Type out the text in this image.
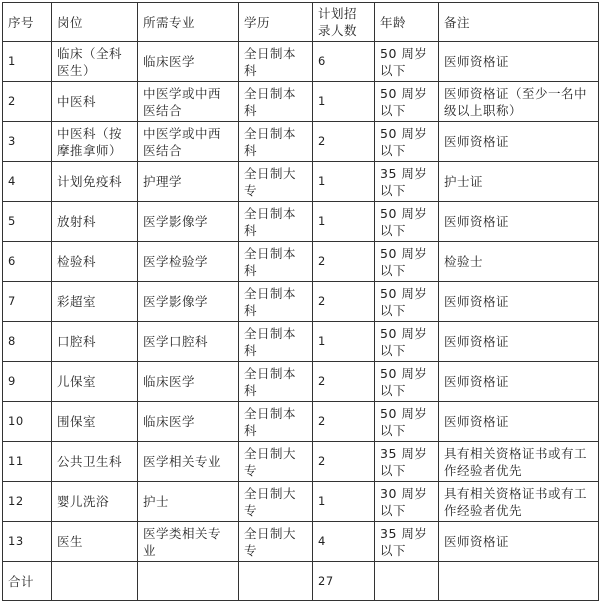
序号	岗位	所需专业	学历	计划招录人数	年龄	备注
1	临床（全科医生）	临床医学	全日制本科	6	50 周岁以下	医师资格证
2	中医科	中医学或中西医结合	全日制本科	1	50 周岁以下	医师资格证（至少一名中级以上职称）
3	中医科（按摩推拿师）	中医学或中西医结合	全日制本科	2	50 周岁以下	医师资格证
4	计划免疫科	护理学	全日制大专	1	35 周岁以下	护士证
5	放射科	医学影像学	全日制本科	1	50 周岁以下	医师资格证
6	检验科	医学检验学	全日制本科	2	50 周岁以下	检验士
7	彩超室	医学影像学	全日制本科	2	50 周岁以下	医师资格证
8	口腔科	医学口腔科	全日制本科	1	50 周岁以下	医师资格证
9	儿保室	临床医学	全日制本科	2	50 周岁以下	医师资格证
10	围保室	临床医学	全日制本科	2	50 周岁以下	医师资格证
11	公共卫生科	医学相关专业	全日制大专	2	35 周岁以下	具有相关资格证书或有工作经验者优先
12	婴儿洗浴	护士	全日制大专	1	30 周岁以下	具有相关资格证书或有工作经验者优先
13	医生	医学类相关专业	全日制大专	4	35 周岁以下	医师资格证
合计				27		
